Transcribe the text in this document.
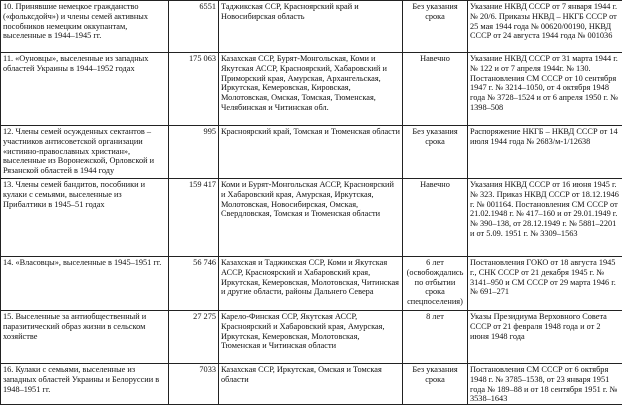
10. Принявшие немецкое гражданство («фольксдойч») и члены семей активных пособников немецким оккупантам, выселенные в 1944–1945 гг.	6551	Таджикская ССР, Красноярский край и Новосибирская область	Без указания срока	Указание НКВД СССР от 7 января 1944 г. № 20/6. Приказы НКВД – НКГБ СССР от 25 мая 1944 года № 00620/00190, НКВД СССР от 24 августа 1944 года № 001036
11. «Оуновцы», выселенные из западных областей Украины в 1944–1952 годах	175 063	Казахская ССР, Бурят-Монгольская, Коми и Якутская АССР, Красноярский, Хабаровский и Приморский края, Амурская, Архангельская, Иркутская, Кемеровская, Кировская, Молотовская, Омская, Томская, Тюменская, Челябинская и Читинская обл.	Навечно	Указание НКВД СССР от 31 марта 1944 г. № 122 и от 7 апреля 1944г. № 130. Постановления СМ СССР от 10 сентября 1947 г. № 3214–1050, от 4 октября 1948 года № 3728–1524 и от 6 апреля 1950 г. № 1398–508
12. Члены семей осужденных сектантов – участников антисоветской организации «истинно-православных христиан», выселенные из Воронежской, Орловской и Рязанской областей в 1944 году	995	Красноярский край, Томская и Тюменская области	Без указания срока	Распоряжение НКГБ – НКВД СССР от 14 июля 1944 года № 2683/м-1/12638
13. Члены семей бандитов, пособники и кулаки с семьями, выселенные из Прибалтики в 1945–51 годах	159 417	Коми и Бурят-Монгольская АССР, Красноярский и Хабаровский края, Амурская, Иркутская, Молотовская, Новосибирская, Омская, Свердловская, Томская и Тюменская области	Навечно	Указания НКВД СССР от 16 июня 1945 г. № 323. Приказ НКВД СССР от 18.12.1946 г. № 001164. Постановления СМ СССР от 21.02.1948 г. № 417–160 и от 29.01.1949 г. № 390–138, от 28.12.1949 г. № 5881–2201 и от 5.09. 1951 г. № 3309–1563
14. «Власовцы», выселенные в 1945–1951 гг.	56 746	Казахская и Таджикская ССР, Коми и Якутская АССР, Красноярский и Хабаровский края, Иркутская, Кемеровская, Молотовская, Читинская и другие области, районы Дальнего Севера	6 лет (освобождались по отбытии срока спецпоселения)	Постановления ГОКО от 18 августа 1945 г., СНК СССР от 21 декабря 1945 г. № 3141–950 и СМ СССР от 29 марта 1946 г. № 691–271
15. Выселенные за антиобщественный и паразитический образ жизни в сельском хозяйстве	27 275	Карело-Финская ССР, Якутская АССР, Красноярский и Хабаровский края, Амурская, Иркутская, Кемеровская, Молотовская, Тюменская и Читинская области	8 лет	Указы Президиума Верховного Совета СССР от 21 февраля 1948 года и от 2 июня 1948 года
16. Кулаки с семьями, выселенные из западных областей Украины и Белоруссии в 1948–1951 гг.	7033	Казахская ССР, Иркутская, Омская и Томская области	Без указания срока	Постановления СМ СССР от 6 октября 1948 г. № 3785–1538, от 23 января 1951 года № 189–88 и от 18 сентября 1951 г. № 3538–1643
